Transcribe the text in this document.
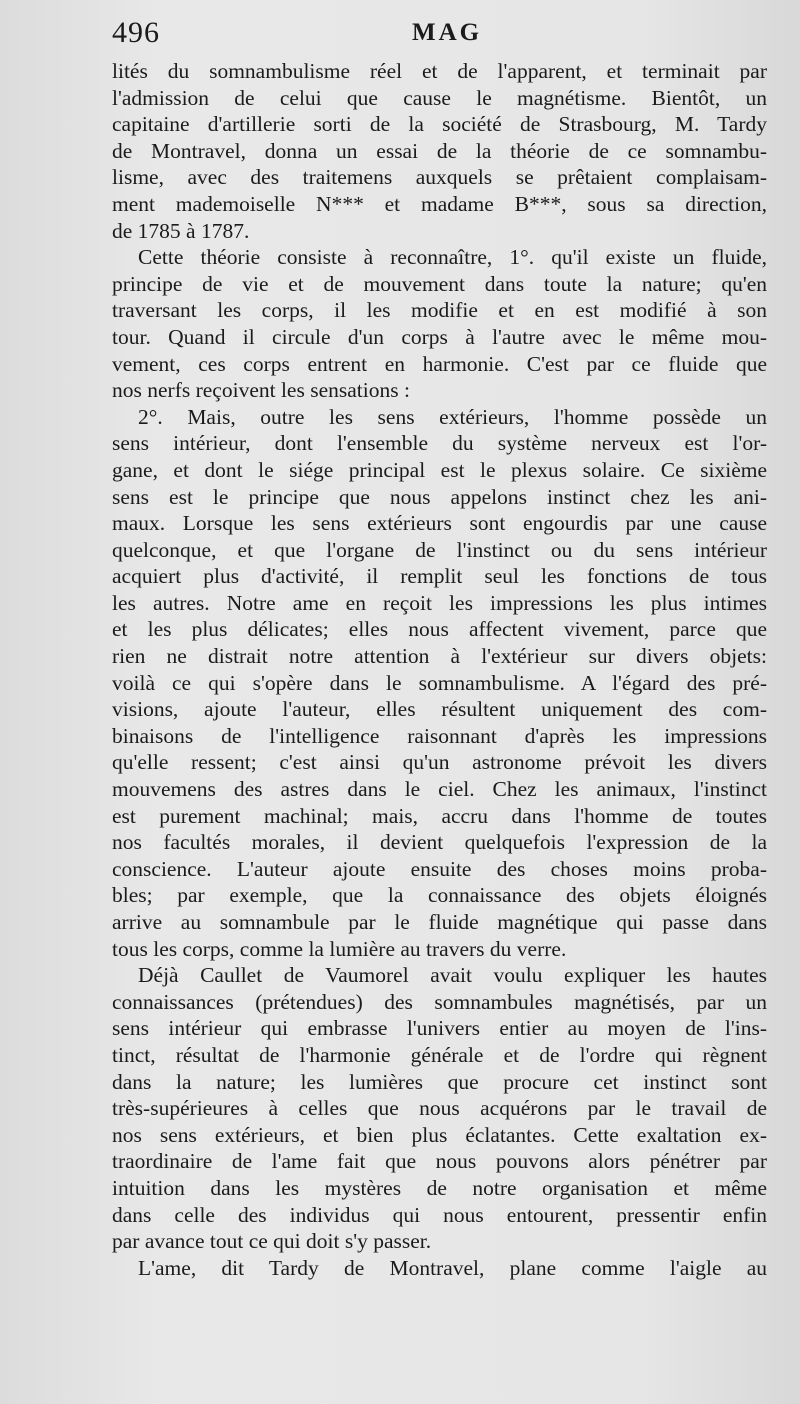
496	MAG
lités du somnambulisme réel et de l'apparent, et terminait par
l'admission de celui que cause le magnétisme. Bientôt, un
capitaine d'artillerie sorti de la société de Strasbourg, M. Tardy
de Montravel, donna un essai de la théorie de ce somnambu-
lisme, avec des traitemens auxquels se prêtaient complaisam-
ment mademoiselle N*** et madame B***, sous sa direction,
de 1785 à 1787.
Cette théorie consiste à reconnaître, 1°. qu'il existe un fluide,
principe de vie et de mouvement dans toute la nature; qu'en
traversant les corps, il les modifie et en est modifié à son
tour. Quand il circule d'un corps à l'autre avec le même mou-
vement, ces corps entrent en harmonie. C'est par ce fluide que
nos nerfs reçoivent les sensations :
2°. Mais, outre les sens extérieurs, l'homme possède un
sens intérieur, dont l'ensemble du système nerveux est l'or-
gane, et dont le siége principal est le plexus solaire. Ce sixième
sens est le principe que nous appelons instinct chez les ani-
maux. Lorsque les sens extérieurs sont engourdis par une cause
quelconque, et que l'organe de l'instinct ou du sens intérieur
acquiert plus d'activité, il remplit seul les fonctions de tous
les autres. Notre ame en reçoit les impressions les plus intimes
et les plus délicates; elles nous affectent vivement, parce que
rien ne distrait notre attention à l'extérieur sur divers objets:
voilà ce qui s'opère dans le somnambulisme. A l'égard des pré-
visions, ajoute l'auteur, elles résultent uniquement des com-
binaisons de l'intelligence raisonnant d'après les impressions
qu'elle ressent; c'est ainsi qu'un astronome prévoit les divers
mouvemens des astres dans le ciel. Chez les animaux, l'instinct
est purement machinal; mais, accru dans l'homme de toutes
nos facultés morales, il devient quelquefois l'expression de la
conscience. L'auteur ajoute ensuite des choses moins proba-
bles; par exemple, que la connaissance des objets éloignés
arrive au somnambule par le fluide magnétique qui passe dans
tous les corps, comme la lumière au travers du verre.
Déjà Caullet de Vaumorel avait voulu expliquer les hautes
connaissances (prétendues) des somnambules magnétisés, par un
sens intérieur qui embrasse l'univers entier au moyen de l'ins-
tinct, résultat de l'harmonie générale et de l'ordre qui règnent
dans la nature; les lumières que procure cet instinct sont
très-supérieures à celles que nous acquérons par le travail de
nos sens extérieurs, et bien plus éclatantes. Cette exaltation ex-
traordinaire de l'ame fait que nous pouvons alors pénétrer par
intuition dans les mystères de notre organisation et même
dans celle des individus qui nous entourent, pressentir enfin
par avance tout ce qui doit s'y passer.
L'ame, dit Tardy de Montravel, plane comme l'aigle au
